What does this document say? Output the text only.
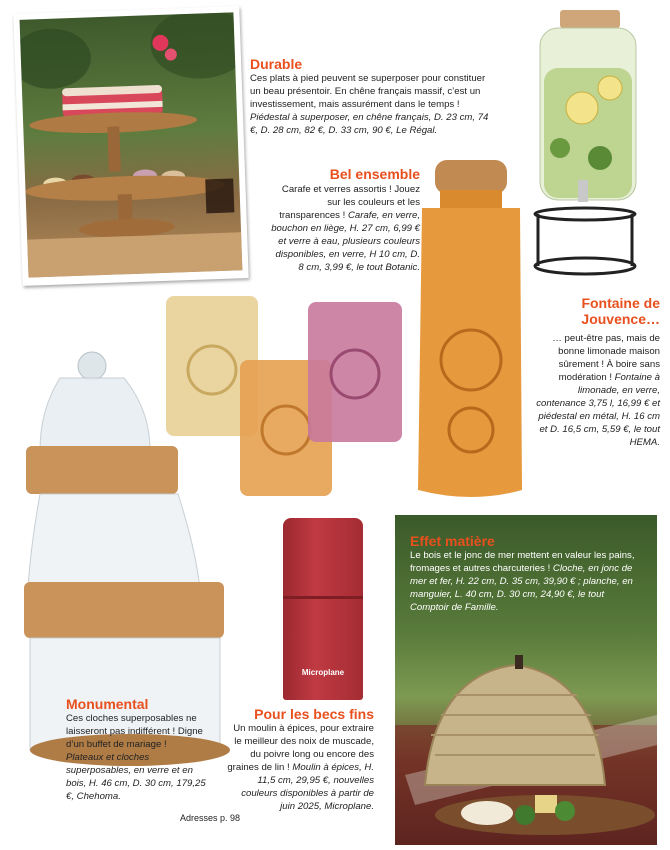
Durable
Ces plats à pied peuvent se superposer pour constituer un beau présentoir. En chêne français massif, c’est un investissement, mais assurément dans le temps ! Piédestal à superposer, en chêne français, D. 23 cm, 74 €, D. 28 cm, 82 €, D. 33 cm, 90 €, Le Régal.
Bel ensemble
Carafe et verres assortis ! Jouez sur les couleurs et les transparences ! Carafe, en verre, bouchon en liège, H. 27 cm, 6,99 € et verre à eau, plusieurs couleurs disponibles, en verre, H 10 cm, D. 8 cm, 3,99 €, le tout Botanic.
Fontaine de
Jouvence…
… peut-être pas, mais de bonne limonade maison sûrement ! À boire sans modération ! Fontaine à limonade, en verre, contenance 3,75 l, 16,99 € et piédestal en métal, H. 16 cm et D. 16,5 cm, 5,59 €, le tout HEMA.
Monumental
Ces cloches superposables ne laisseront pas indifférent ! Digne d’un buffet de mariage ! Plateaux et cloches superposables, en verre et en bois, H. 46 cm, D. 30 cm, 179,25 €, Chehoma.
Microplane
Pour les becs fins
Un moulin à épices, pour extraire le meilleur des noix de muscade, du poivre long ou encore des graines de lin ! Moulin à épices, H. 11,5 cm, 29,95 €, nouvelles couleurs disponibles à partir de juin 2025, Microplane.
Adresses p. 98
Effet matière
Le bois et le jonc de mer mettent en valeur les pains, fromages et autres charcuteries ! Cloche, en jonc de mer et fer, H. 22 cm, D. 35 cm, 39,90 € ; planche, en manguier, L. 40 cm, D. 30 cm, 24,90 €, le tout Comptoir de Famille.
